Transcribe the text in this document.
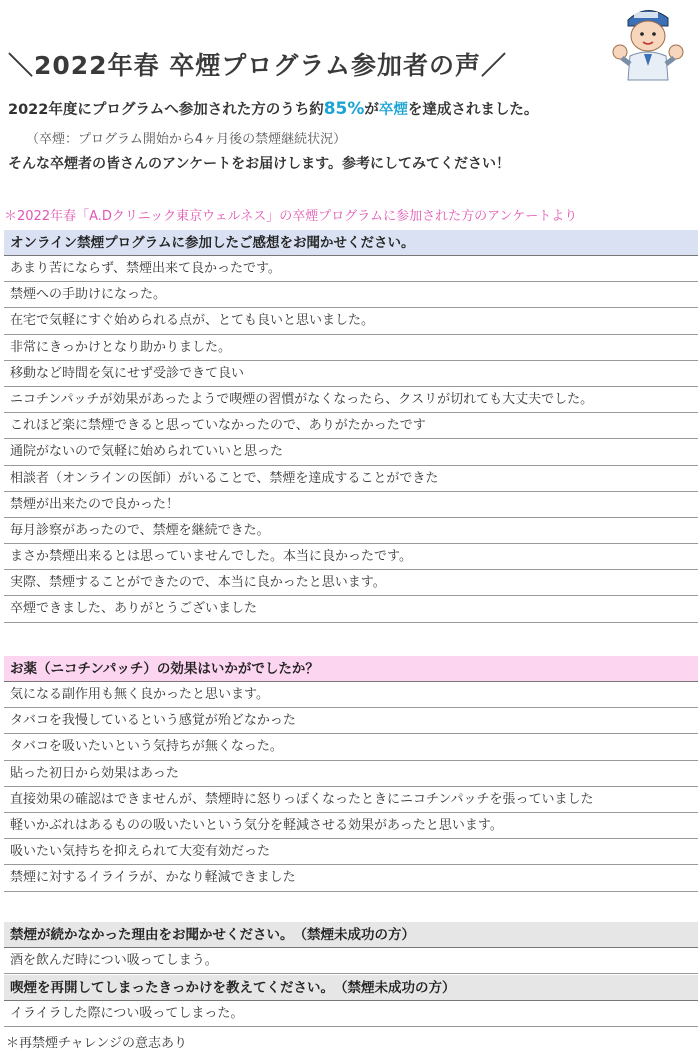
＼2022年春 卒煙プログラム参加者の声／
2022年度にプログラムへ参加された方のうち約85%が卒煙を達成されました。
（卒煙：プログラム開始から4ヶ月後の禁煙継続状況）
そんな卒煙者の皆さんのアンケートをお届けします。参考にしてみてください！
＊2022年春「A.Dクリニック東京ウェルネス」の卒煙プログラムに参加された方のアンケートより
オンライン禁煙プログラムに参加したご感想をお聞かせください。
あまり苦にならず、禁煙出来て良かったです。
禁煙への手助けになった。
在宅で気軽にすぐ始められる点が、とても良いと思いました。
非常にきっかけとなり助かりました。
移動など時間を気にせず受診できて良い
ニコチンパッチが効果があったようで喫煙の習慣がなくなったら、クスリが切れても大丈夫でした。
これほど楽に禁煙できると思っていなかったので、ありがたかったです
通院がないので気軽に始められていいと思った
相談者（オンラインの医師）がいることで、禁煙を達成することができた
禁煙が出来たので良かった！
毎月診察があったので、禁煙を継続できた。
まさか禁煙出来るとは思っていませんでした。本当に良かったです。
実際、禁煙することができたので、本当に良かったと思います。
卒煙できました、ありがとうございました
お薬（ニコチンパッチ）の効果はいかがでしたか？
気になる副作用も無く良かったと思います。
タバコを我慢しているという感覚が殆どなかった
タバコを吸いたいという気持ちが無くなった。
貼った初日から効果はあった
直接効果の確認はできませんが、禁煙時に怒りっぽくなったときにニコチンパッチを張っていました
軽いかぶれはあるものの吸いたいという気分を軽減させる効果があったと思います。
吸いたい気持ちを抑えられて大変有効だった
禁煙に対するイライラが、かなり軽減できました
禁煙が続かなかった理由をお聞かせください。　（禁煙未成功の方）
酒を飲んだ時につい吸ってしまう。
喫煙を再開してしまったきっかけを教えてください。　（禁煙未成功の方）
イライラした際につい吸ってしまった。
＊再禁煙チャレンジの意志あり
